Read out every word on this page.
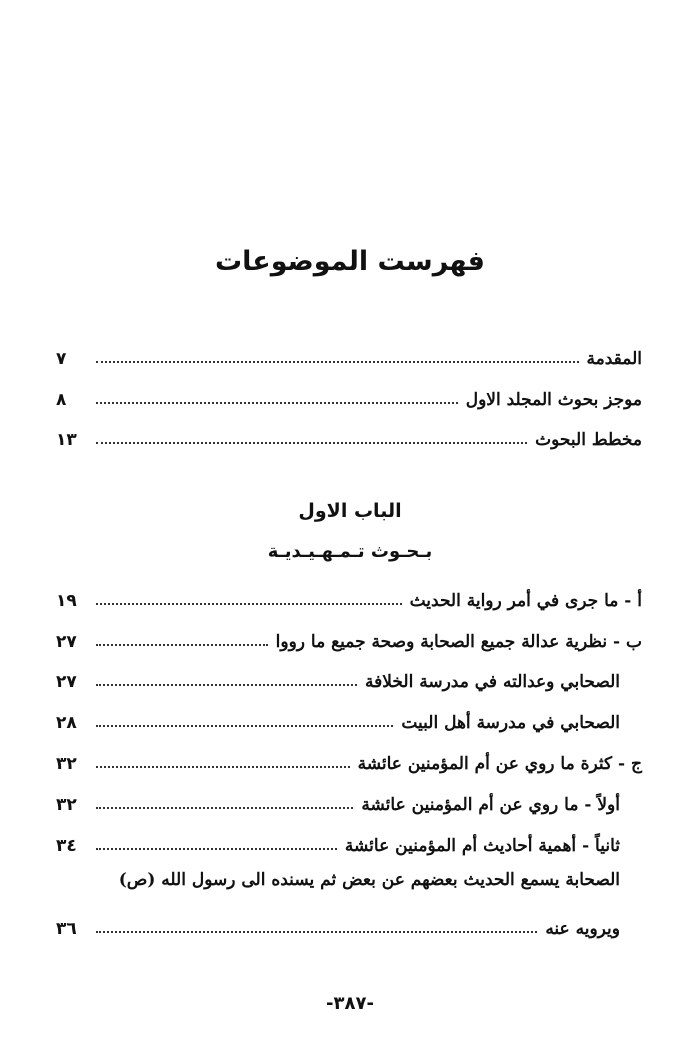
فهرست الموضوعات
المقدمة
٧
موجز بحوث المجلد الاول
٨
مخطط البحوث
١٣
الباب الاول
بـحـوث تـمـهـيـديـة
أ - ما جرى في أمر رواية الحديث
١٩
ب - نظرية عدالة جميع الصحابة وصحة جميع ما رووا
٢٧
الصحابي وعدالته في مدرسة الخلافة
٢٧
الصحابي في مدرسة أهل البيت
٢٨
ج - كثرة ما روي عن أم المؤمنين عائشة
٣٢
أولاً - ما روي عن أم المؤمنين عائشة
٣٢
ثانياً - أهمية أحاديث أم المؤمنين عائشة
٣٤
الصحابة يسمع الحديث بعضهم عن بعض ثم يسنده الى رسول الله (ص)
ويرويه عنه
٣٦
-٣٨٧-
